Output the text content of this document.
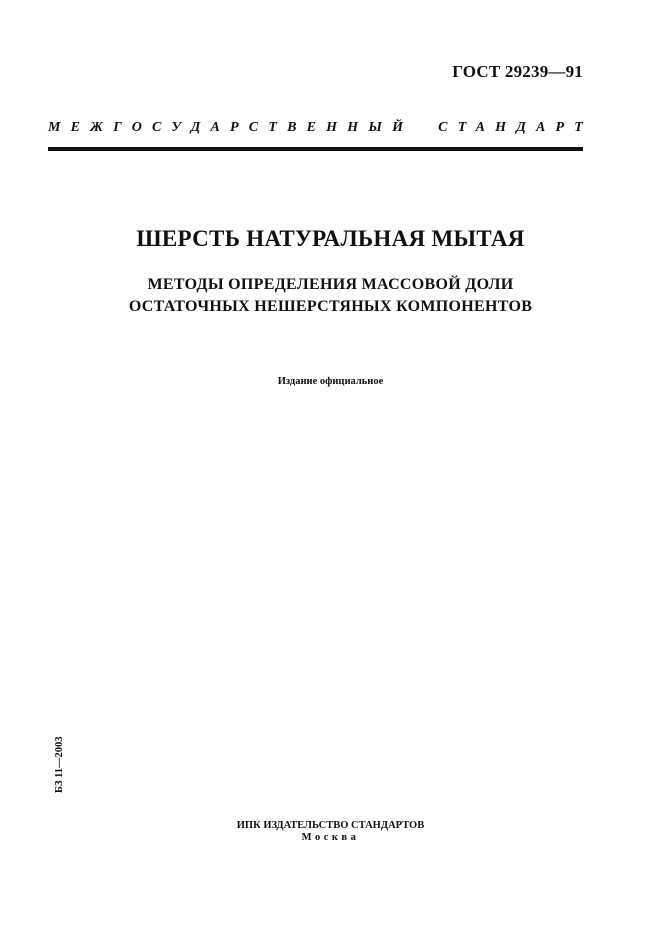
ГОСТ 29239—91
МЕЖГОСУДАРСТВЕННЫЙ СТАНДАРТ
ШЕРСТЬ НАТУРАЛЬНАЯ МЫТАЯ
МЕТОДЫ ОПРЕДЕЛЕНИЯ МАССОВОЙ ДОЛИ
ОСТАТОЧНЫХ НЕШЕРСТЯНЫХ КОМПОНЕНТОВ
Издание официальное
БЗ 11—2003
ИПК ИЗДАТЕЛЬСТВО СТАНДАРТОВ
Москва
